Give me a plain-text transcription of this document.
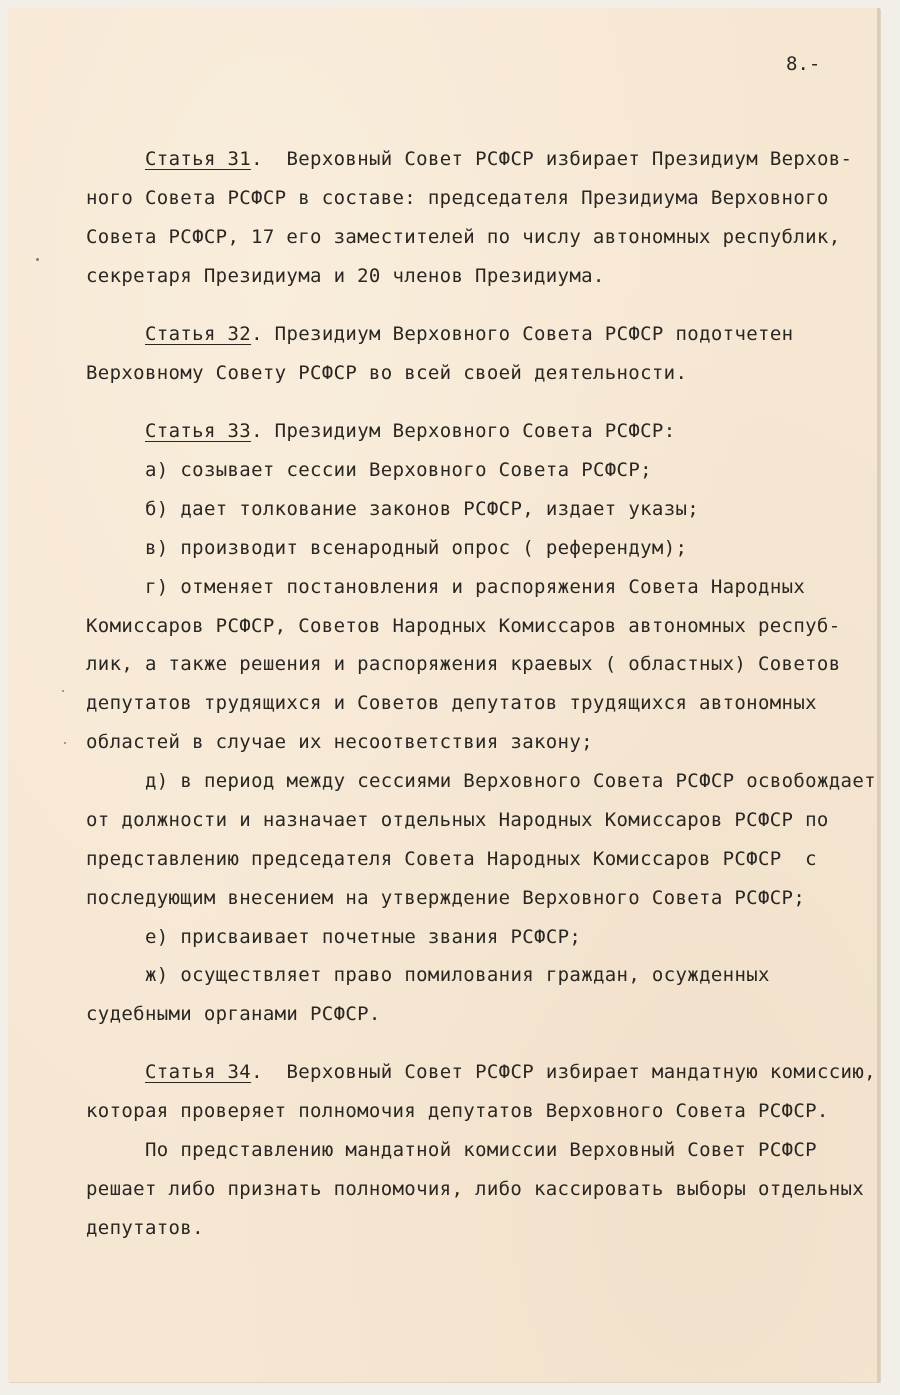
8.-

Статья 31.  Верховный Совет РСФСР избирает Президиум Верхов-

ного Совета РСФСР в составе: председателя Президиума Верховного

Совета РСФСР, 17 его заместителей по числу автономных республик,

секретаря Президиума и 20 членов Президиума.

Статья 32. Президиум Верховного Совета РСФСР подотчетен

Верховному Совету РСФСР во всей своей деятельности.

Статья 33. Президиум Верховного Совета РСФСР:

а) созывает сессии Верховного Совета РСФСР;

б) дает толкование законов РСФСР, издает указы;

в) производит всенародный опрос ( референдум);

г) отменяет постановления и распоряжения Совета Народных

Комиссаров РСФСР, Советов Народных Комиссаров автономных респуб-

лик, а также решения и распоряжения краевых ( областных) Советов

депутатов трудящихся и Советов депутатов трудящихся автономных

областей в случае их несоответствия закону;

д) в период между сессиями Верховного Совета РСФСР освобождает

от должности и назначает отдельных Народных Комиссаров РСФСР по

представлению председателя Совета Народных Комиссаров РСФСР  с

последующим внесением на утверждение Верховного Совета РСФСР;

е) присваивает почетные звания РСФСР;

ж) осуществляет право помилования граждан, осужденных

судебными органами РСФСР.

Статья 34.  Верховный Совет РСФСР избирает мандатную комиссию,

которая проверяет полномочия депутатов Верховного Совета РСФСР.

По представлению мандатной комиссии Верховный Совет РСФСР

решает либо признать полномочия, либо кассировать выборы отдельных

депутатов.
